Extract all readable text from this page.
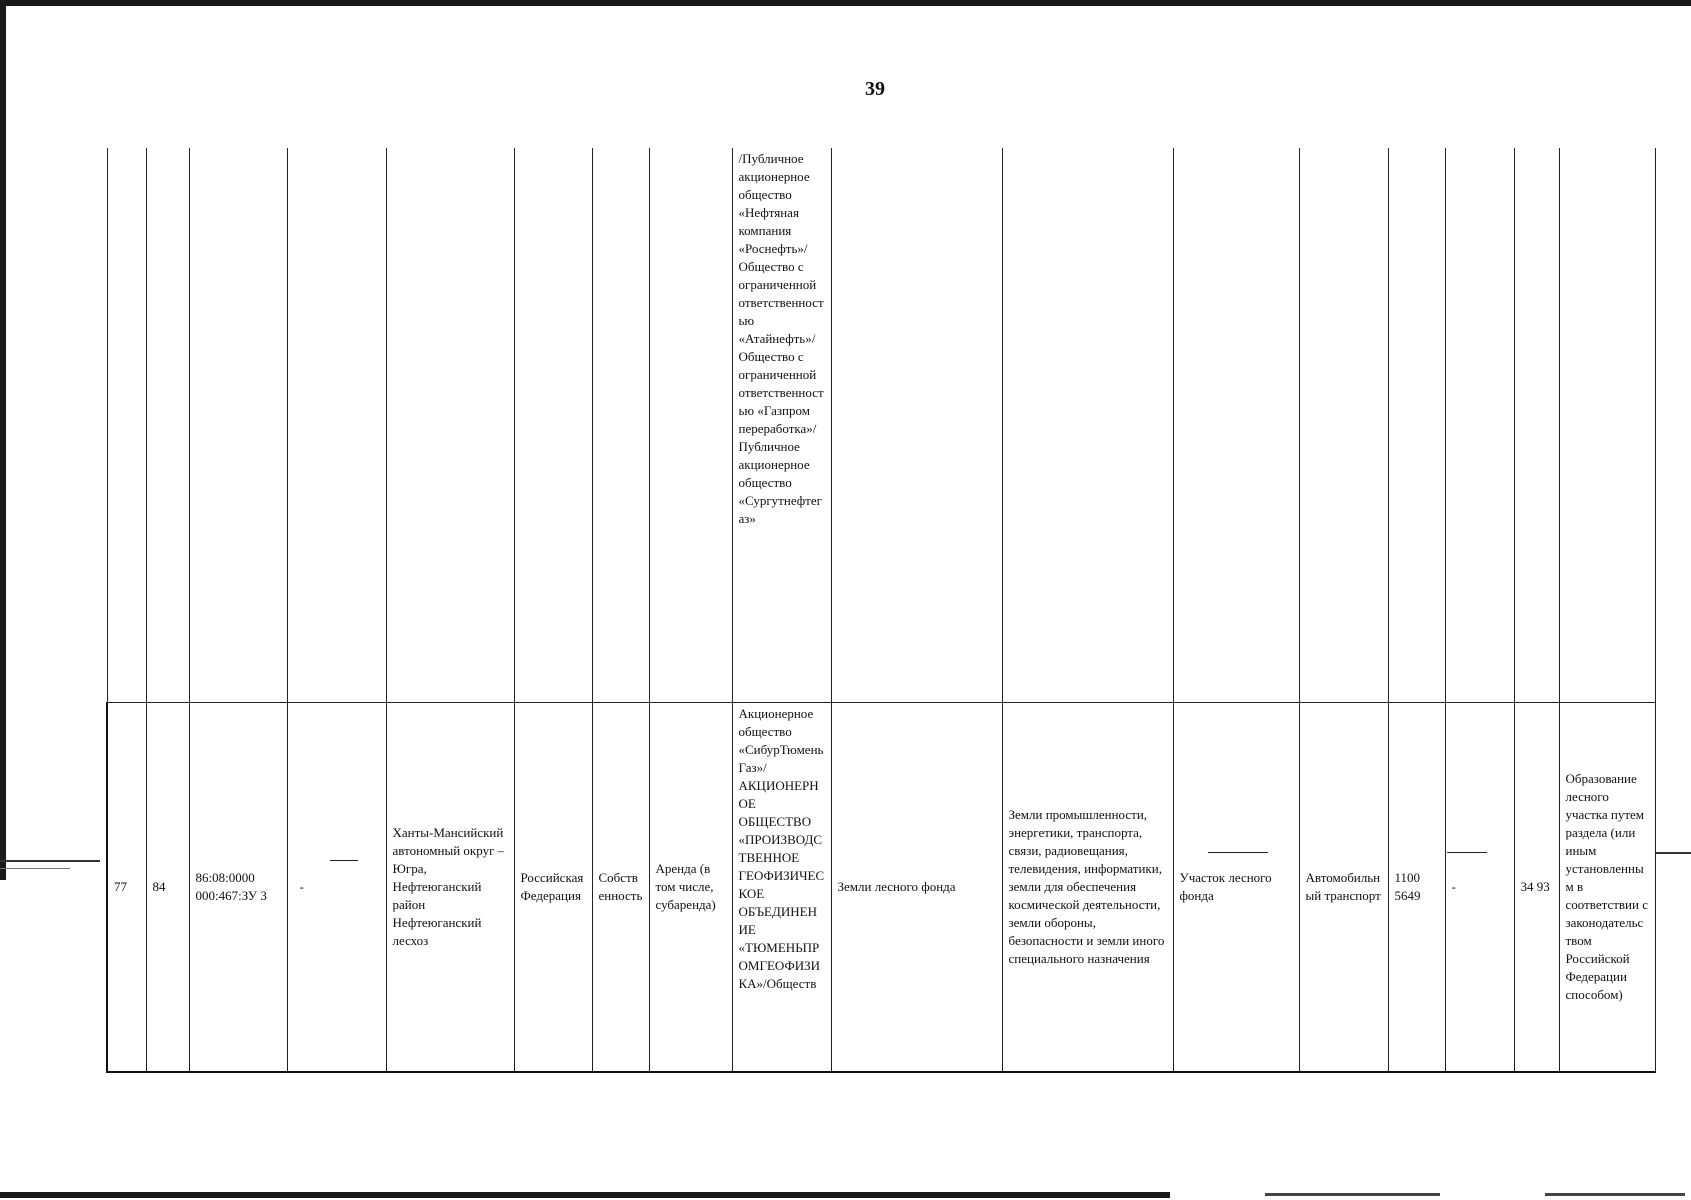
39

								/Публичное акционерное общество «Нефтяная компания «Роснефть»/Общество с ограниченной ответственностью «Атайнефть»/Общество с ограниченной ответственностью «Газпром переработка»/Публичное акционерное общество «Сургутнефтегаз»								

77	84	86:08:0000 000:467:ЗУ 3	-	Ханты-Мансийский автономный округ – Югра, Нефтеюганский район Нефтеюганский лесхоз	Российская Федерация	Собственность	Аренда (в том числе, субаренда)	Акционерное общество «СибурТюменьГаз»/ АКЦИОНЕРНОЕ ОБЩЕСТВО «ПРОИЗВОДСТВЕННОЕ ГЕОФИЗИЧЕСКОЕ ОБЪЕДИНЕНИЕ «ТЮМЕНЬПРОМГЕОФИЗИКА»/Обществ	Земли лесного фонда	Земли промышленности, энергетики, транспорта, связи, радиовещания, телевидения, информатики, земли для обеспечения космической деятельности, земли обороны, безопасности и земли иного специального назначения	Участок лесного фонда	Автомобильный транспорт	1100 5649	-	34 93	Образование лесного участка путем раздела (или иным установленным в соответствии с законодательством Российской Федерации способом)
